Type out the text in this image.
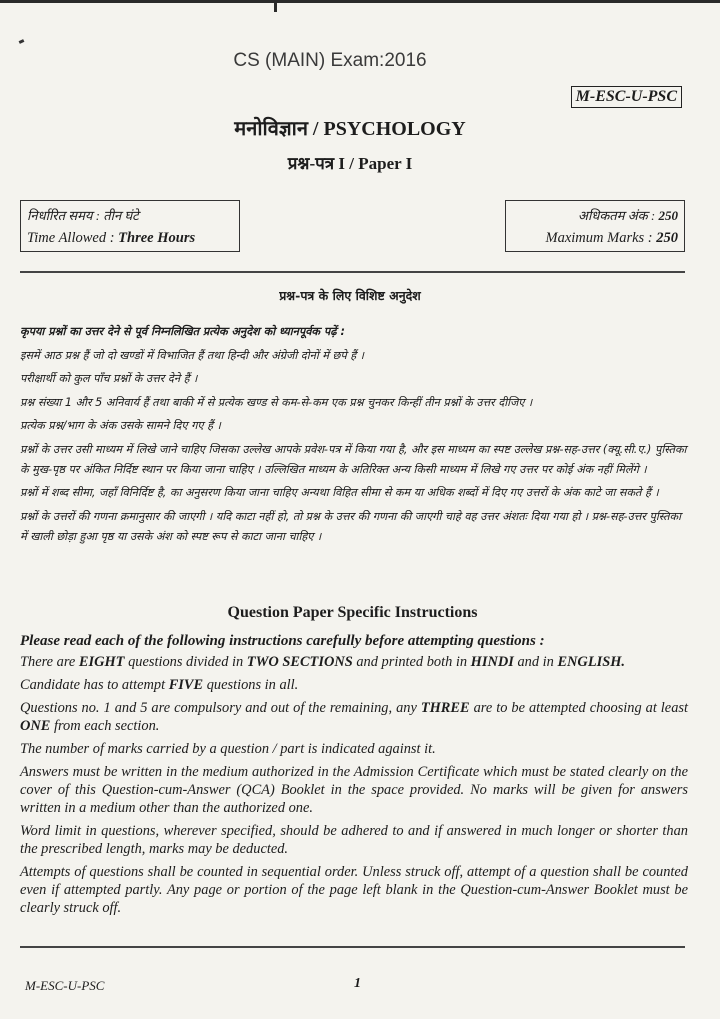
CS (MAIN) Exam:2016
M-ESC-U-PSC
मनोविज्ञान / PSYCHOLOGY
प्रश्न-पत्र I / Paper I
निर्धारित समय : तीन घंटे
Time Allowed : Three Hours
अधिकतम अंक : 250
Maximum Marks : 250
प्रश्न-पत्र के लिए विशिष्ट अनुदेश

कृपया प्रश्नों का उत्तर देने से पूर्व निम्नलिखित प्रत्येक अनुदेश को ध्यानपूर्वक पढ़ें :

इसमें आठ प्रश्न हैं जो दो खण्डों में विभाजित हैं तथा हिन्दी और अंग्रेजी दोनों में छपे हैं ।

परीक्षार्थी को कुल पाँच प्रश्नों के उत्तर देने हैं ।

प्रश्न संख्या 1 और 5 अनिवार्य हैं तथा बाकी में से प्रत्येक खण्ड से कम-से-कम एक प्रश्न चुनकर किन्हीं तीन प्रश्नों के उत्तर दीजिए ।

प्रत्येक प्रश्न/भाग के अंक उसके सामने दिए गए हैं ।

प्रश्नों के उत्तर उसी माध्यम में लिखे जाने चाहिए जिसका उल्लेख आपके प्रवेश-पत्र में किया गया है, और इस माध्यम का स्पष्ट उल्लेख प्रश्न-सह-उत्तर (क्यू.सी.ए.) पुस्तिका के मुख-पृष्ठ पर अंकित निर्दिष्ट स्थान पर किया जाना चाहिए । उल्लिखित माध्यम के अतिरिक्त अन्य किसी माध्यम में लिखे गए उत्तर पर कोई अंक नहीं मिलेंगे ।

प्रश्नों में शब्द सीमा, जहाँ विनिर्दिष्ट है, का अनुसरण किया जाना चाहिए अन्यथा विहित सीमा से कम या अधिक शब्दों में दिए गए उत्तरों के अंक काटे जा सकते हैं ।

प्रश्नों के उत्तरों की गणना क्रमानुसार की जाएगी । यदि काटा नहीं हो, तो प्रश्न के उत्तर की गणना की जाएगी चाहे वह उत्तर अंशतः दिया गया हो । प्रश्न-सह-उत्तर पुस्तिका में खाली छोड़ा हुआ पृष्ठ या उसके अंश को स्पष्ट रूप से काटा जाना चाहिए ।

Question Paper Specific Instructions

Please read each of the following instructions carefully before attempting questions :

There are EIGHT questions divided in TWO SECTIONS and printed both in HINDI and in ENGLISH.

Candidate has to attempt FIVE questions in all.

Questions no. 1 and 5 are compulsory and out of the remaining, any THREE are to be attempted choosing at least ONE from each section.

The number of marks carried by a question / part is indicated against it.

Answers must be written in the medium authorized in the Admission Certificate which must be stated clearly on the cover of this Question-cum-Answer (QCA) Booklet in the space provided. No marks will be given for answers written in a medium other than the authorized one.

Word limit in questions, wherever specified, should be adhered to and if answered in much longer or shorter than the prescribed length, marks may be deducted.

Attempts of questions shall be counted in sequential order. Unless struck off, attempt of a question shall be counted even if attempted partly. Any page or portion of the page left blank in the Question-cum-Answer Booklet must be clearly struck off.

M-ESC-U-PSC	1
